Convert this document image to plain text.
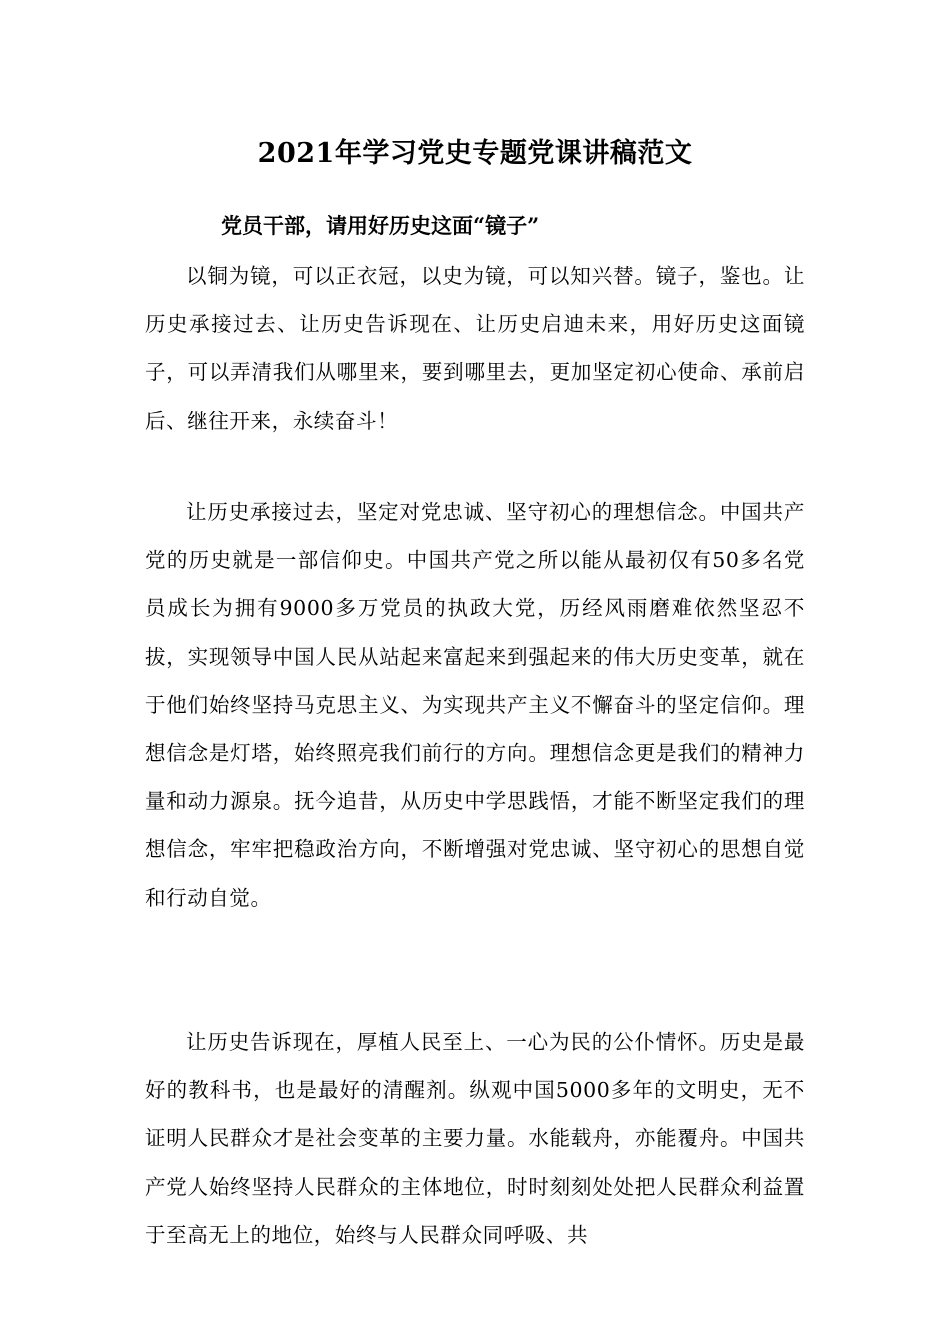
2021年学习党史专题党课讲稿范文
党员干部，请用好历史这面“镜子”

以铜为镜，可以正衣冠，以史为镜，可以知兴替。镜子，鉴也。让历史承接过去、让历史告诉现在、让历史启迪未来，用好历史这面镜子，可以弄清我们从哪里来，要到哪里去，更加坚定初心使命、承前启后、继往开来，永续奋斗！

让历史承接过去，坚定对党忠诚、坚守初心的理想信念。中国共产党的历史就是一部信仰史。中国共产党之所以能从最初仅有50多名党员成长为拥有9000多万党员的执政大党，历经风雨磨难依然坚忍不拔，实现领导中国人民从站起来富起来到强起来的伟大历史变革，就在于他们始终坚持马克思主义、为实现共产主义不懈奋斗的坚定信仰。理想信念是灯塔，始终照亮我们前行的方向。理想信念更是我们的精神力量和动力源泉。抚今追昔，从历史中学思践悟，才能不断坚定我们的理想信念，牢牢把稳政治方向，不断增强对党忠诚、坚守初心的思想自觉和行动自觉。

让历史告诉现在，厚植人民至上、一心为民的公仆情怀。历史是最好的教科书，也是最好的清醒剂。纵观中国5000多年的文明史，无不证明人民群众才是社会变革的主要力量。水能载舟，亦能覆舟。中国共产党人始终坚持人民群众的主体地位，时时刻刻处处把人民群众利益置于至高无上的地位，始终与人民群众同呼吸、共
